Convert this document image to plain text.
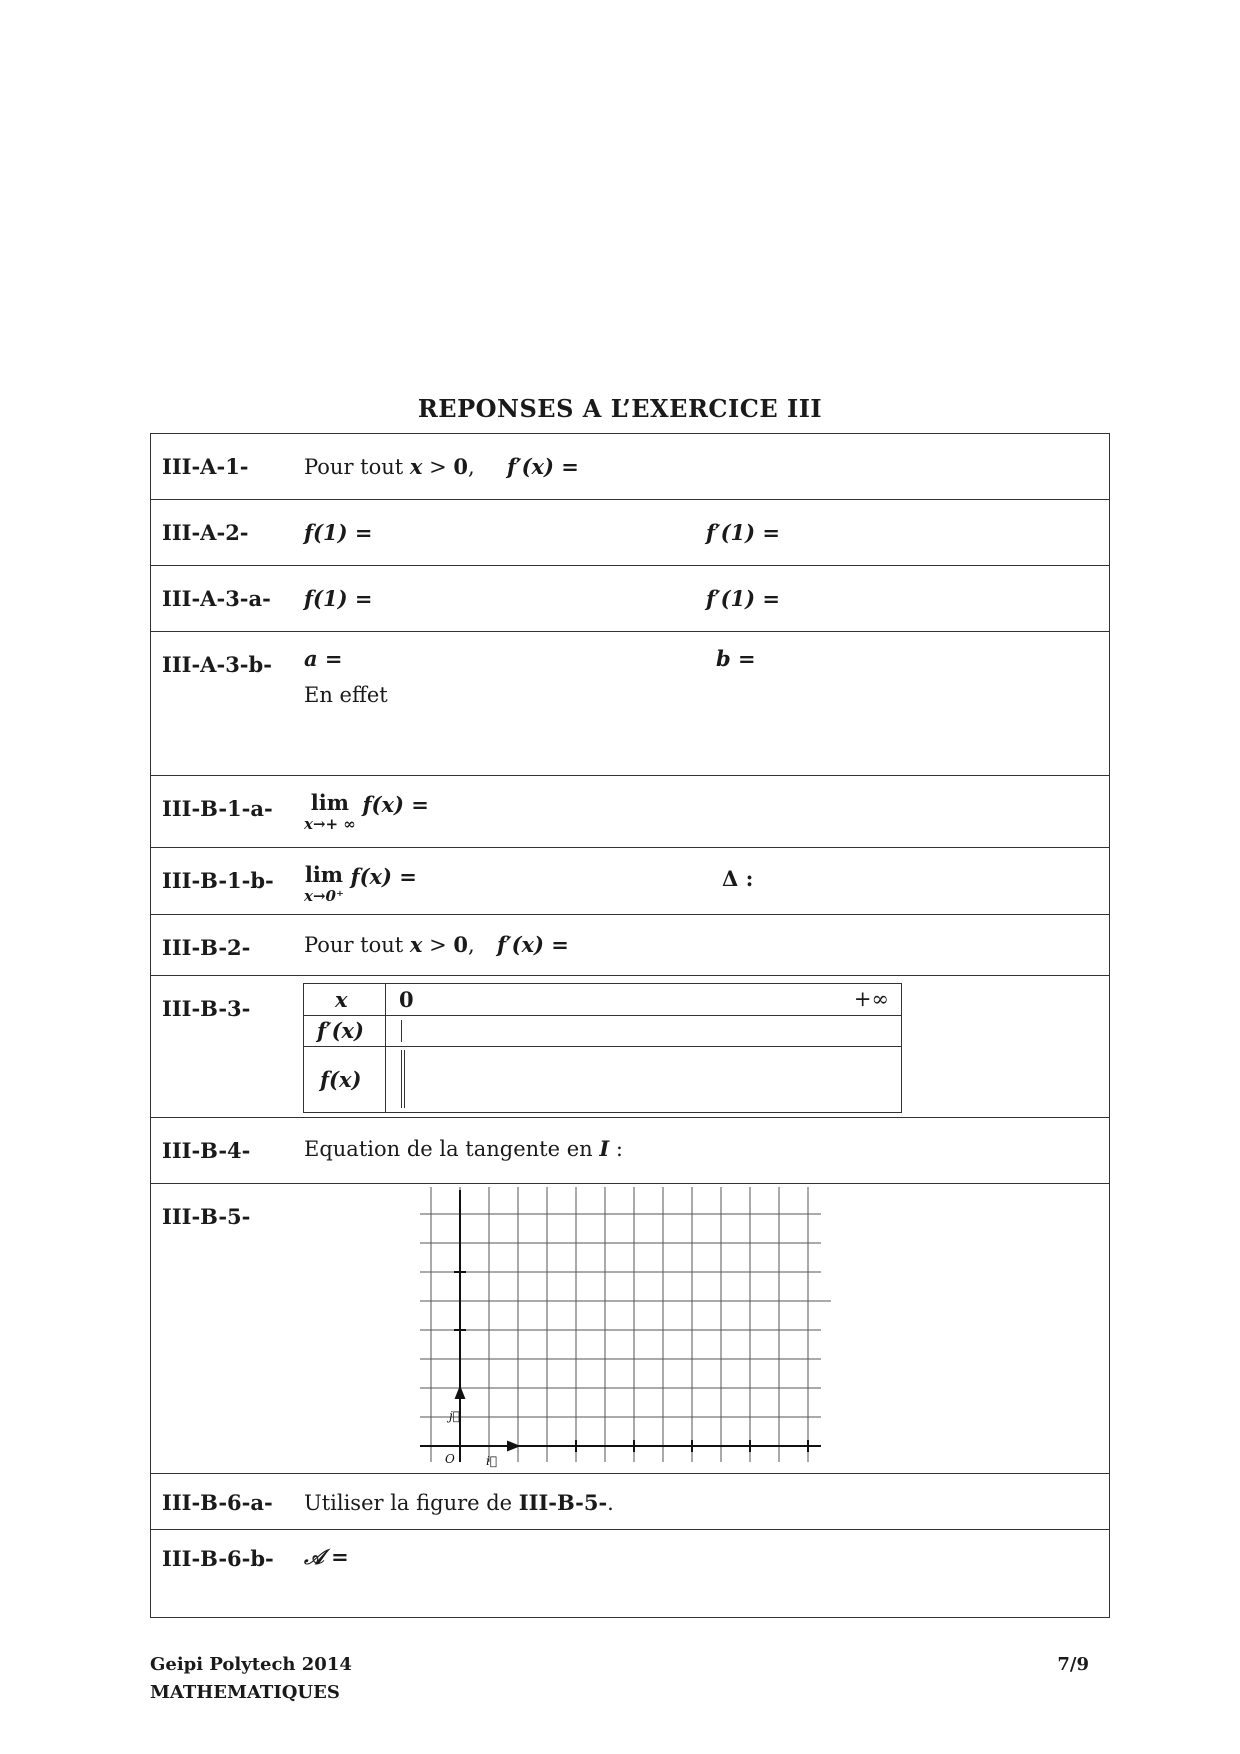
REPONSES A L’EXERCICE III
III-A-1-	Pour tout x > 0, f′(x) =
III-A-2-	f(1) =	f′(1) =
III-A-3-a- f(1) =	f′(1) =
III-A-3-b- a =	b =
En effet
III-B-1-a-	lim
x→+ ∞
f(x) =
III-B-1-b- lim
x→0⁺
f(x) =	Δ :
III-B-2-	Pour tout x > 0, f′(x) =
III-B-3-	x 0	+∞
f′(x)
f(x)
III-B-4-	Equation de la tangente en I :
III-B-5-
O
j⃗
i⃗
III-B-6-a- Utiliser la figure de III-B-5-.
III-B-6-b- 𝒜 =
Geipi Polytech 2014
MATHEMATIQUES
7/9
